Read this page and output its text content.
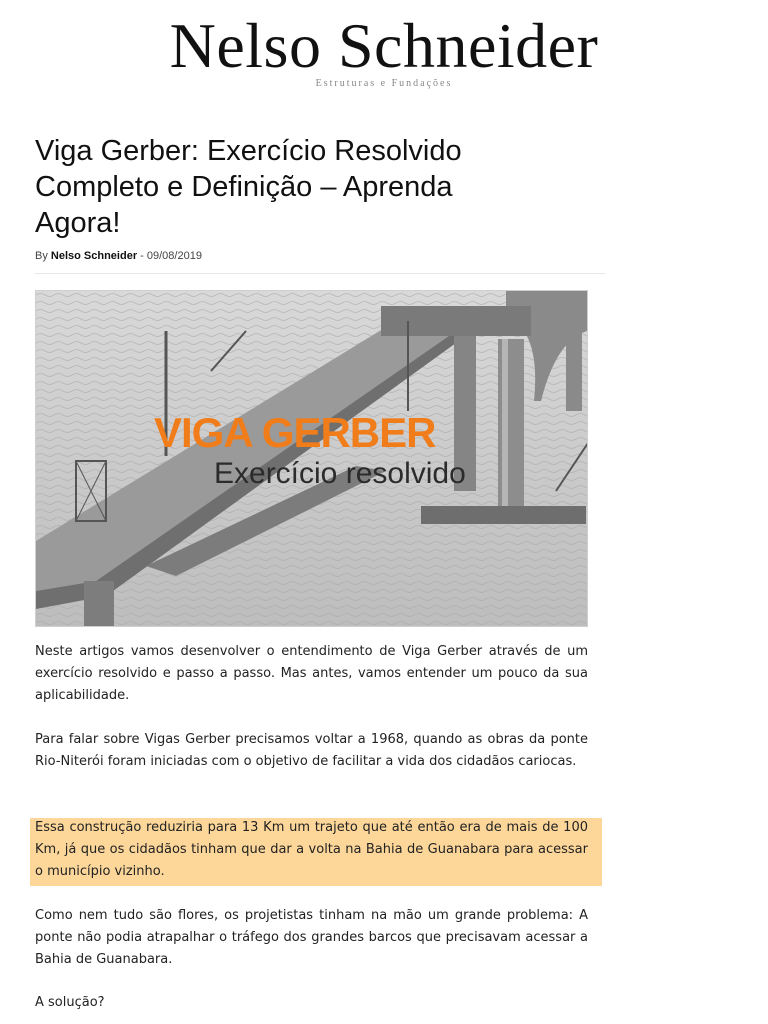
Nelso Schneider
Estruturas e Fundações
Viga Gerber: Exercício Resolvido Completo e Definição – Aprenda Agora!
By Nelso Schneider - 09/08/2019
VIGA GERBER
Exercício resolvido

Neste artigos vamos desenvolver o entendimento de Viga Gerber através de um exercício resolvido e passo a passo. Mas antes, vamos entender um pouco da sua aplicabilidade.

Para falar sobre Vigas Gerber precisamos voltar a 1968, quando as obras da ponte Rio-Niterói foram iniciadas com o objetivo de facilitar a vida dos cidadãos cariocas.

Essa construção reduziria para 13 Km um trajeto que até então era de mais de 100 Km, já que os cidadãos tinham que dar a volta na Bahia de Guanabara para acessar o município vizinho.

Como nem tudo são flores, os projetistas tinham na mão um grande problema: A ponte não podia atrapalhar o tráfego dos grandes barcos que precisavam acessar a Bahia de Guanabara.

A solução?
